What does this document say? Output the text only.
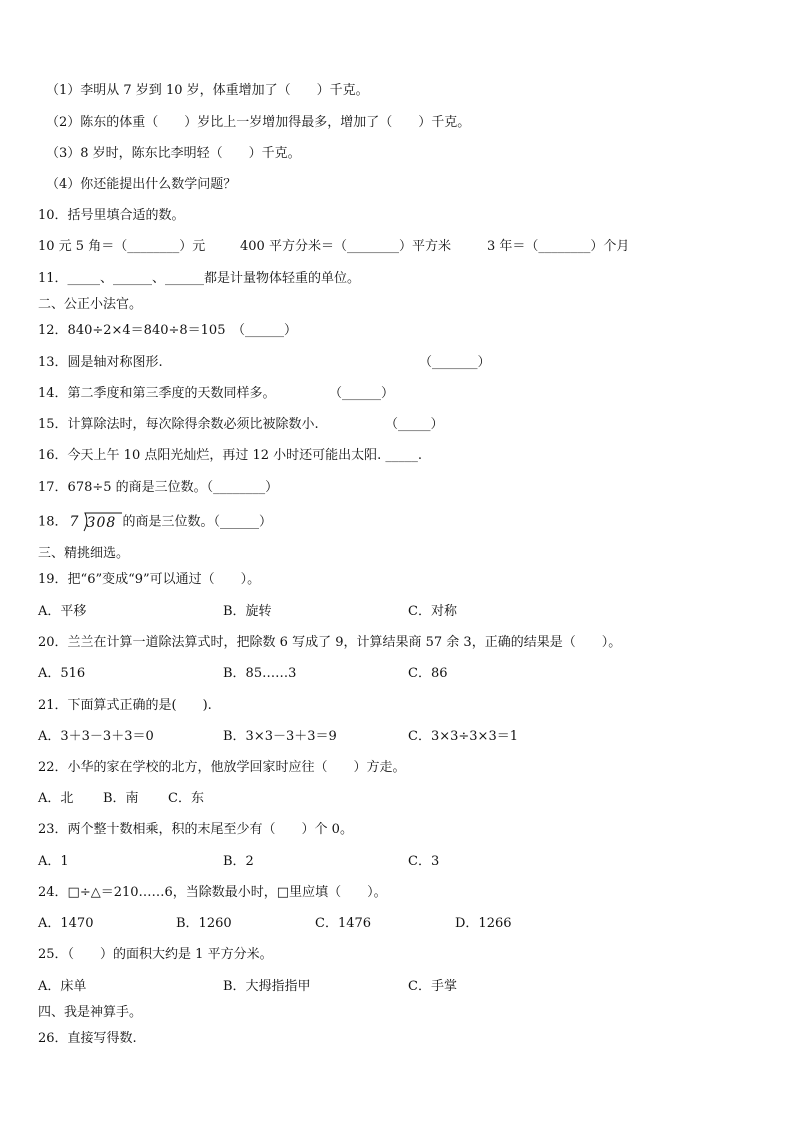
（1）李明从 7 岁到 10 岁，体重增加了（　　）千克。
（2）陈东的体重（　　）岁比上一岁增加得最多，增加了（　　）千克。
（3）8 岁时，陈东比李明轻（　　）千克。
（4）你还能提出什么数学问题？
10．括号里填合适的数。
10 元 5 角＝（________）元	400 平方分米＝（________）平方米	3 年＝（________）个月
11．_____、______、______都是计量物体轻重的单位。
二、公正小法官。
12．840÷2×4＝840÷8＝105　（______）
13．圆是轴对称图形.	（_______）
14．第二季度和第三季度的天数同样多。	（______）
15．计算除法时，每次除得余数必须比被除数小.	（_____）
16．今天上午 10 点阳光灿烂，再过 12 小时还可能出太阳. _____.
17．678÷5 的商是三位数。（________）
18． 7 308 的商是三位数。（______）
三、精挑细选。
19．把“6”变成“9”可以通过（　　）。
A．平移	B．旋转	C．对称
20．兰兰在计算一道除法算式时，把除数 6 写成了 9，计算结果商 57 余 3，正确的结果是（　　）。
A．516	B．85……3	C．86
21．下面算式正确的是(　　).
A．3＋3－3＋3＝0	B．3×3－3＋3＝9	C．3×3÷3×3＝1
22．小华的家在学校的北方，他放学回家时应往（　　）方走。
A．北 B．南 C．东
23．两个整十数相乘，积的末尾至少有（　　）个 0。
A．1	B．2	C．3
24．□÷△＝210……6，当除数最小时，□里应填（　　）。
A．1470	B．1260	C．1476	D．1266
25．（　　）的面积大约是 1 平方分米。
A．床单	B．大拇指指甲	C．手掌
四、我是神算手。
26．直接写得数.
